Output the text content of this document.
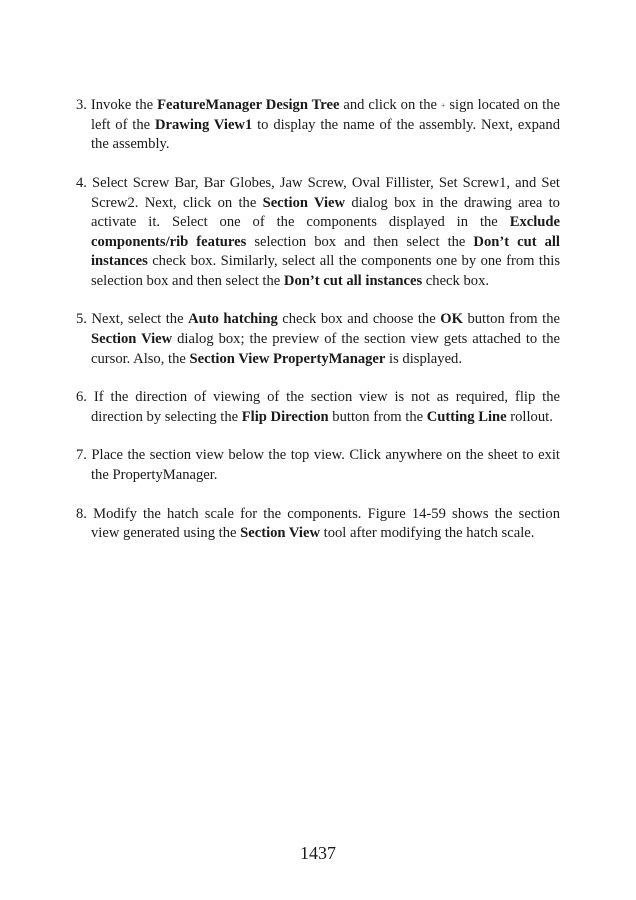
3. Invoke the FeatureManager Design Tree and click on the + sign located on the left of the Drawing View1 to display the name of the assembly. Next, expand the assembly.

4. Select Screw Bar, Bar Globes, Jaw Screw, Oval Fillister, Set Screw1, and Set Screw2. Next, click on the Section View dialog box in the drawing area to activate it. Select one of the components displayed in the Exclude components/rib features selection box and then select the Don’t cut all instances check box. Similarly, select all the components one by one from this selection box and then select the Don’t cut all instances check box.

5. Next, select the Auto hatching check box and choose the OK button from the Section View dialog box; the preview of the section view gets attached to the cursor. Also, the Section View PropertyManager is displayed.

6. If the direction of viewing of the section view is not as required, flip the direction by selecting the Flip Direction button from the Cutting Line rollout.

7. Place the section view below the top view. Click anywhere on the sheet to exit the PropertyManager.

8. Modify the hatch scale for the components. Figure 14-59 shows the section view generated using the Section View tool after modifying the hatch scale.

1437
